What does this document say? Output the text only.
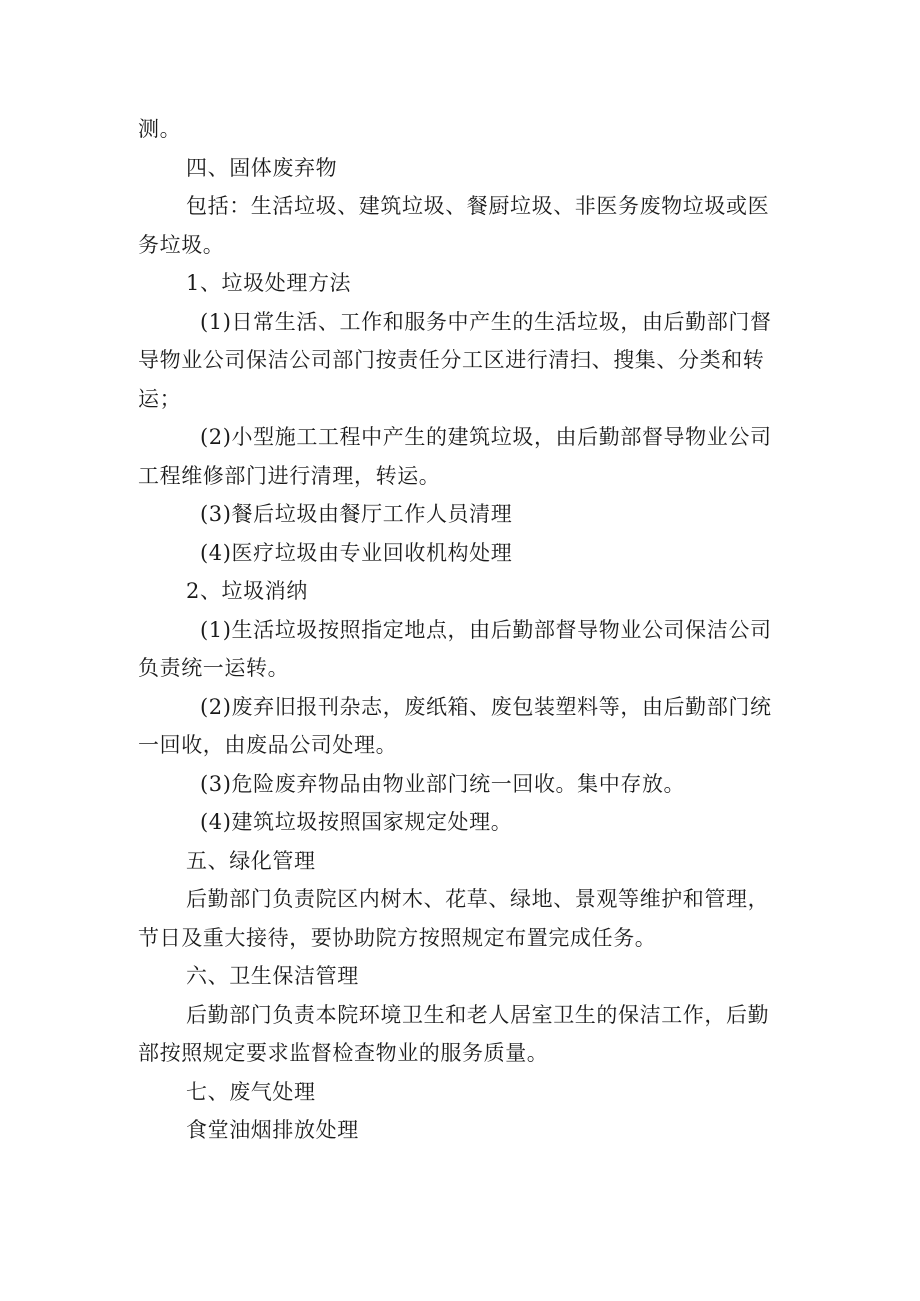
测。

四、固体废弃物

包括：生活垃圾、建筑垃圾、餐厨垃圾、非医务废物垃圾或医务垃圾。

1、垃圾处理方法

(1)日常生活、工作和服务中产生的生活垃圾，由后勤部门督导物业公司保洁公司部门按责任分工区进行清扫、搜集、分类和转运；

(2)小型施工工程中产生的建筑垃圾，由后勤部督导物业公司工程维修部门进行清理，转运。

(3)餐后垃圾由餐厅工作人员清理

(4)医疗垃圾由专业回收机构处理

2、垃圾消纳

(1)生活垃圾按照指定地点，由后勤部督导物业公司保洁公司负责统一运转。

(2)废弃旧报刊杂志，废纸箱、废包装塑料等，由后勤部门统一回收，由废品公司处理。

(3)危险废弃物品由物业部门统一回收。集中存放。

(4)建筑垃圾按照国家规定处理。

五、绿化管理

后勤部门负责院区内树木、花草、绿地、景观等维护和管理，节日及重大接待，要协助院方按照规定布置完成任务。

六、卫生保洁管理

后勤部门负责本院环境卫生和老人居室卫生的保洁工作，后勤部按照规定要求监督检查物业的服务质量。

七、废气处理

食堂油烟排放处理
